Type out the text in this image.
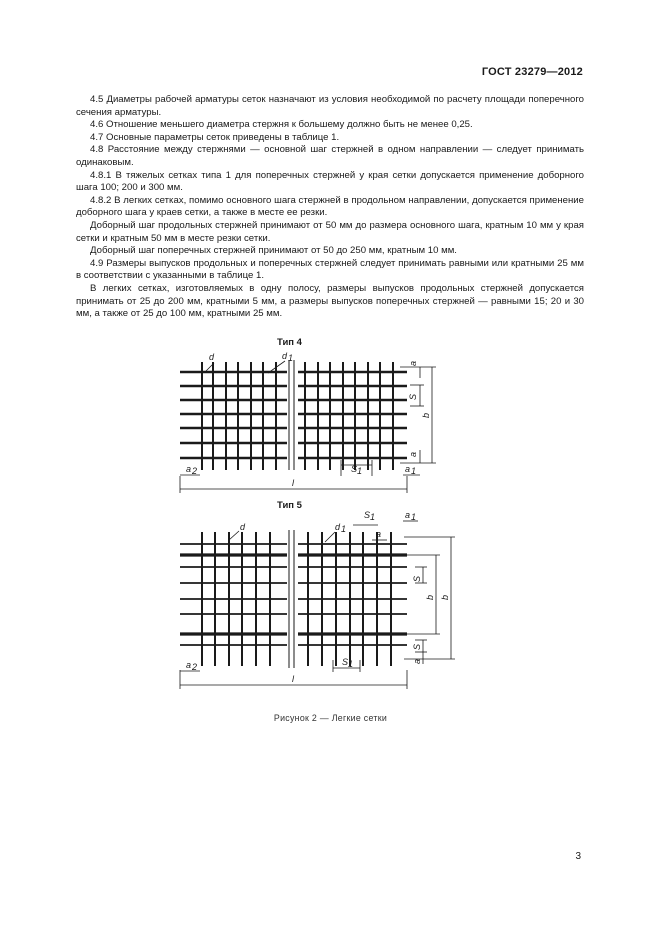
ГОСТ 23279—2012

4.5 Диаметры рабочей арматуры сеток назначают из условия необходимой по расчету площади поперечного сечения арматуры.

4.6 Отношение меньшего диаметра стержня к большему должно быть не менее 0,25.

4.7 Основные параметры сеток приведены в таблице 1.

4.8 Расстояние между стержнями — основной шаг стержней в одном направлении — следует принимать одинаковым.

4.8.1 В тяжелых сетках типа 1 для поперечных стержней у края сетки допускается применение доборного шага 100; 200 и 300 мм.

4.8.2 В легких сетках, помимо основного шага стержней в продольном направлении, допускается применение доборного шага у краев сетки, а также в месте ее резки.

Доборный шаг продольных стержней принимают от 50 мм до размера основного шага, кратным 10 мм у края сетки и кратным 50 мм в месте резки сетки.

Доборный шаг поперечных стержней принимают от 50 до 250 мм, кратным 10 мм.

4.9 Размеры выпусков продольных и поперечных стержней следует принимать равными или кратными 25 мм в соответствии с указанными в таблице 1.

В легких сетках, изготовляемых в одну полосу, размеры выпусков продольных стержней допускается принимать от 25 до 200 мм, кратными 5 мм, а размеры выпусков поперечных стержней — равными 15; 20 и 30 мм, а также от 25 до 100 мм, кратными 25 мм.

Тип 4
Тип 5
d	d 1
a
S
b
a
S 1	a 1
a 2
l
d	d 1
S 1	a 1
a
S
b b
S
a
S 1
a 2
l
Рисунок 2 — Легкие сетки
3
